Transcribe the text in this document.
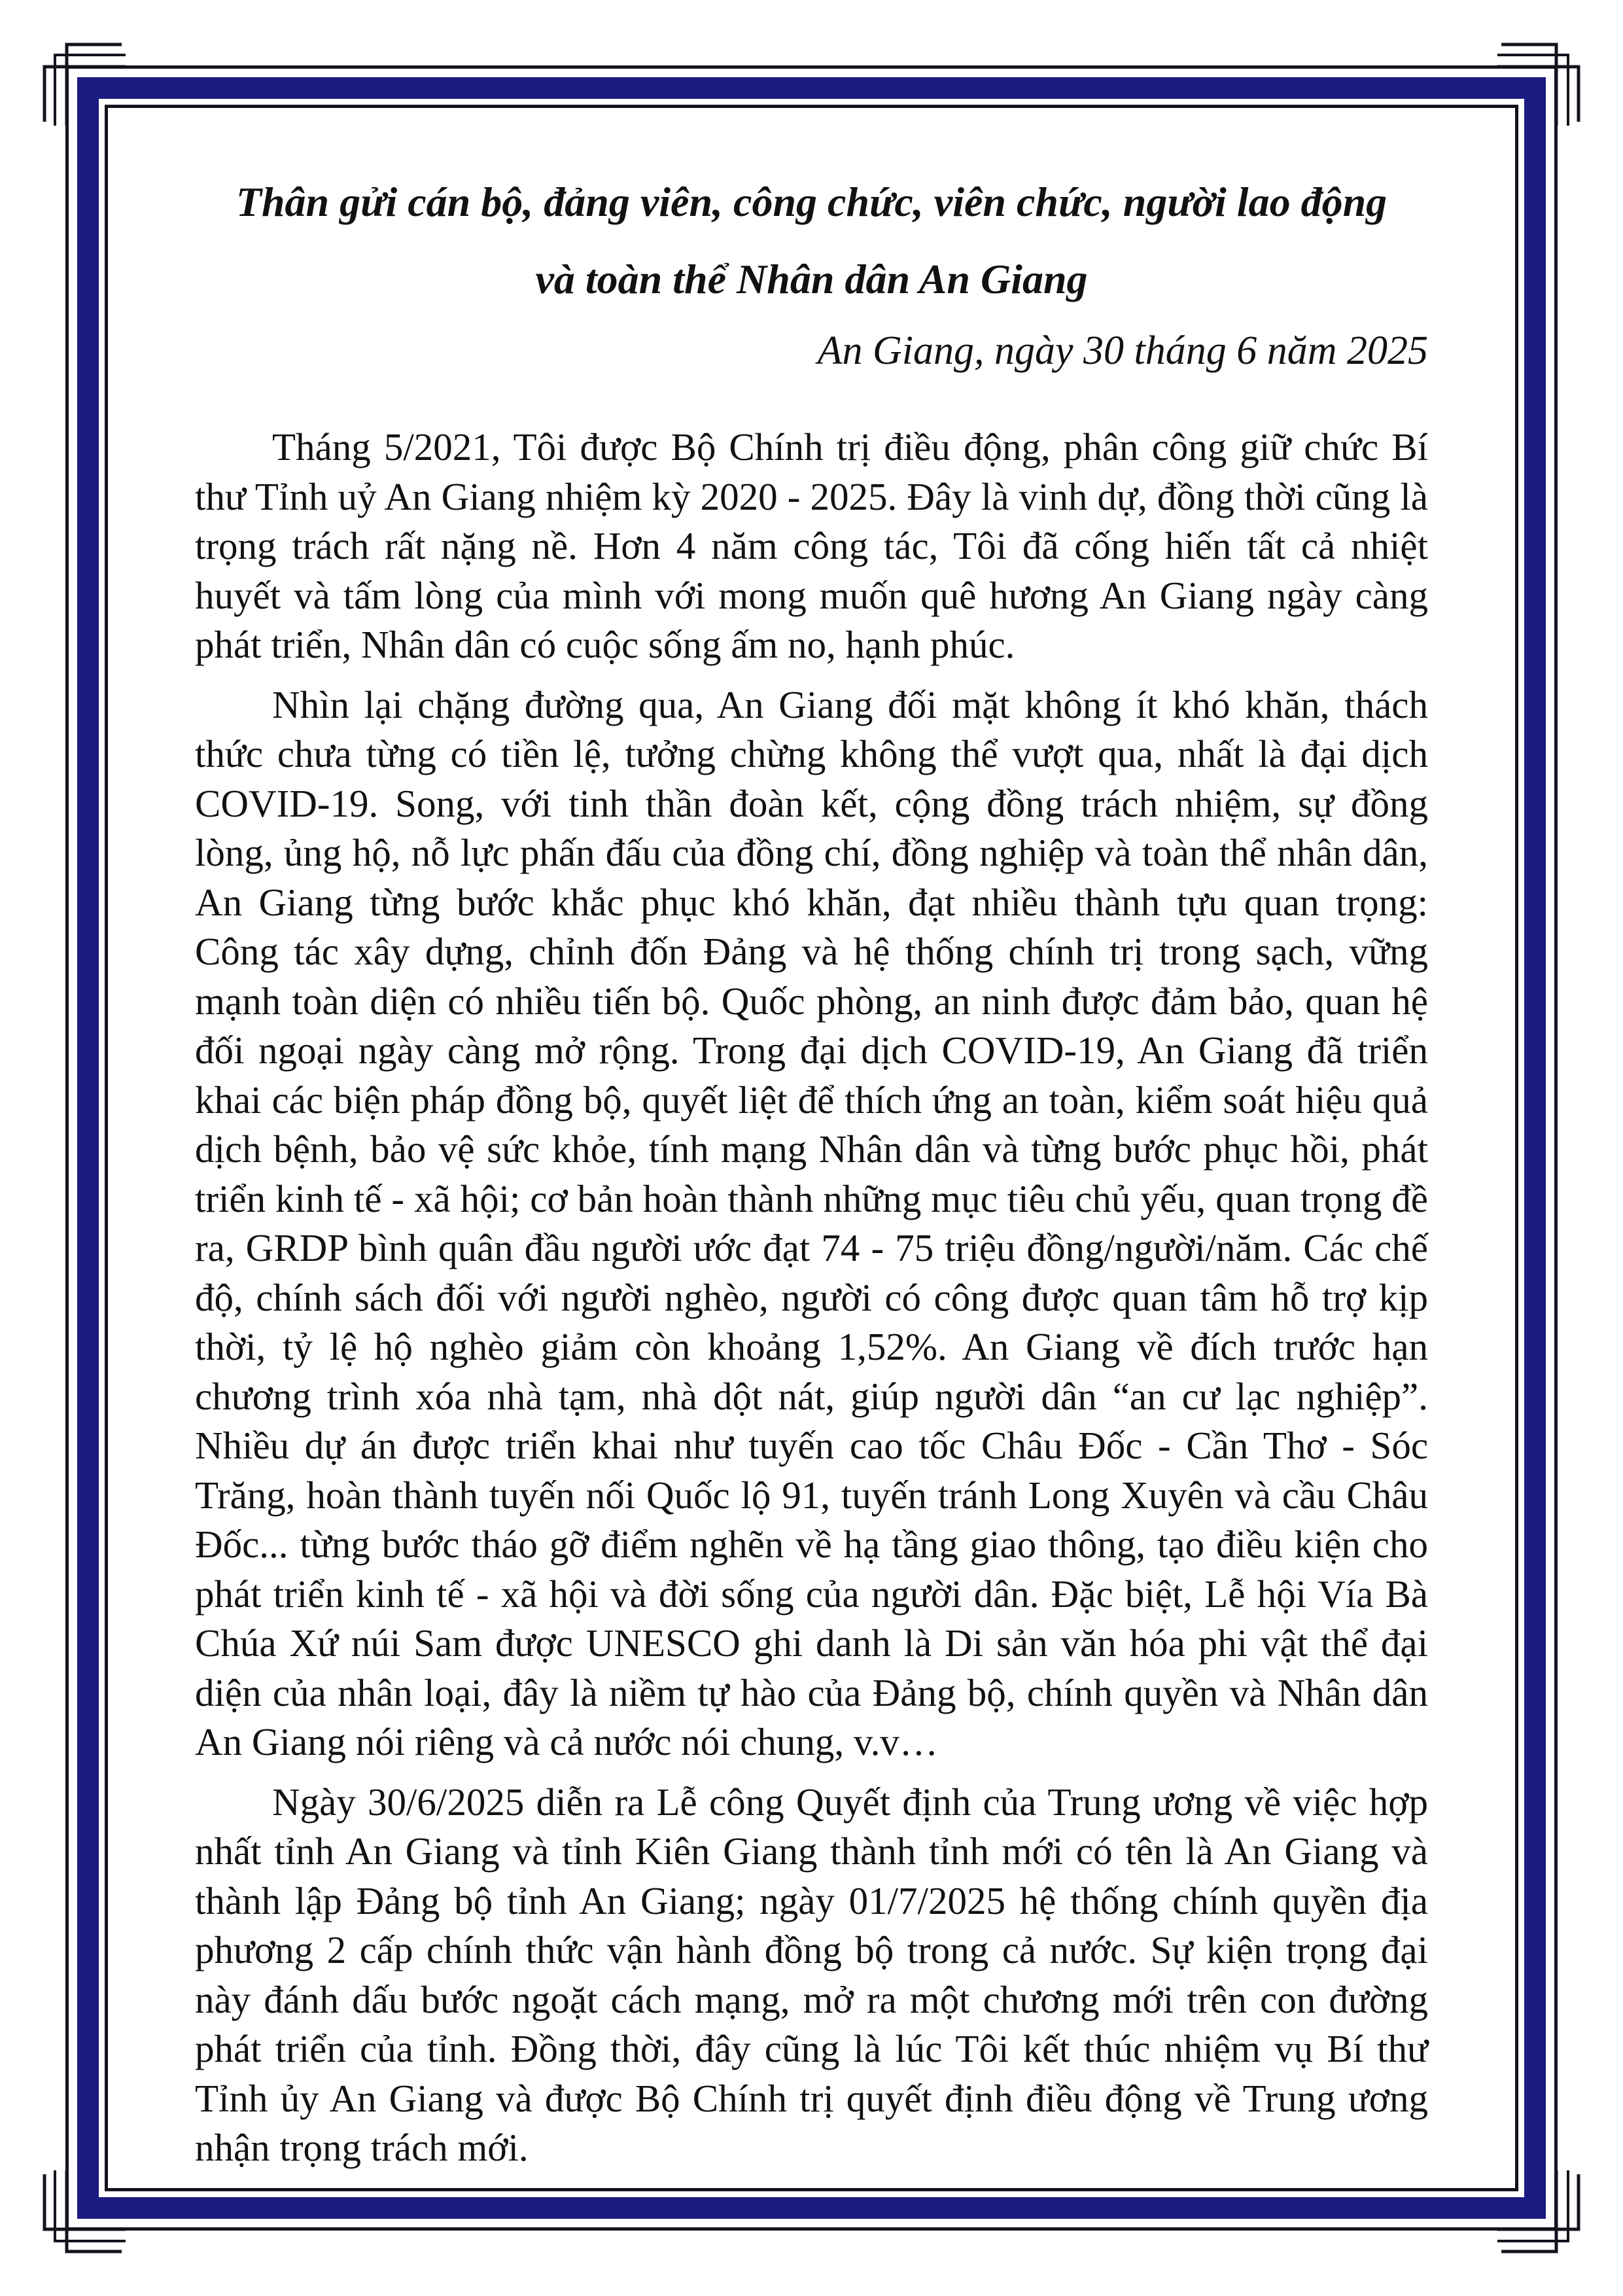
Thân gửi cán bộ, đảng viên, công chức, viên chức, người lao động

và toàn thể Nhân dân An Giang

An Giang, ngày 30 tháng 6 năm 2025

Tháng 5/2021, Tôi được Bộ Chính trị điều động, phân công giữ chức Bí thư Tỉnh uỷ An Giang nhiệm kỳ 2020 - 2025. Đây là vinh dự, đồng thời cũng là trọng trách rất nặng nề. Hơn 4 năm công tác, Tôi đã cống hiến tất cả nhiệt huyết và tấm lòng của mình với mong muốn quê hương An Giang ngày càng phát triển, Nhân dân có cuộc sống ấm no, hạnh phúc.

Nhìn lại chặng đường qua, An Giang đối mặt không ít khó khăn, thách thức chưa từng có tiền lệ, tưởng chừng không thể vượt qua, nhất là đại dịch COVID-19. Song, với tinh thần đoàn kết, cộng đồng trách nhiệm, sự đồng lòng, ủng hộ, nỗ lực phấn đấu của đồng chí, đồng nghiệp và toàn thể nhân dân, An Giang từng bước khắc phục khó khăn, đạt nhiều thành tựu quan trọng: Công tác xây dựng, chỉnh đốn Đảng và hệ thống chính trị trong sạch, vững mạnh toàn diện có nhiều tiến bộ. Quốc phòng, an ninh được đảm bảo, quan hệ đối ngoại ngày càng mở rộng. Trong đại dịch COVID-19, An Giang đã triển khai các biện pháp đồng bộ, quyết liệt để thích ứng an toàn, kiểm soát hiệu quả dịch bệnh, bảo vệ sức khỏe, tính mạng Nhân dân và từng bước phục hồi, phát triển kinh tế - xã hội; cơ bản hoàn thành những mục tiêu chủ yếu, quan trọng đề ra, GRDP bình quân đầu người ước đạt 74 - 75 triệu đồng/người/năm. Các chế độ, chính sách đối với người nghèo, người có công được quan tâm hỗ trợ kịp thời, tỷ lệ hộ nghèo giảm còn khoảng 1,52%. An Giang về đích trước hạn chương trình xóa nhà tạm, nhà dột nát, giúp người dân “an cư lạc nghiệp”. Nhiều dự án được triển khai như tuyến cao tốc Châu Đốc - Cần Thơ - Sóc Trăng, hoàn thành tuyến nối Quốc lộ 91, tuyến tránh Long Xuyên và cầu Châu Đốc... từng bước tháo gỡ điểm nghẽn về hạ tầng giao thông, tạo điều kiện cho phát triển kinh tế - xã hội và đời sống của người dân. Đặc biệt, Lễ hội Vía Bà Chúa Xứ núi Sam được UNESCO ghi danh là Di sản văn hóa phi vật thể đại diện của nhân loại, đây là niềm tự hào của Đảng bộ, chính quyền và Nhân dân An Giang nói riêng và cả nước nói chung, v.v…

Ngày 30/6/2025 diễn ra Lễ công Quyết định của Trung ương về việc hợp nhất tỉnh An Giang và tỉnh Kiên Giang thành tỉnh mới có tên là An Giang và thành lập Đảng bộ tỉnh An Giang; ngày 01/7/2025 hệ thống chính quyền địa phương 2 cấp chính thức vận hành đồng bộ trong cả nước. Sự kiện trọng đại này đánh dấu bước ngoặt cách mạng, mở ra một chương mới trên con đường phát triển của tỉnh. Đồng thời, đây cũng là lúc Tôi kết thúc nhiệm vụ Bí thư Tỉnh ủy An Giang và được Bộ Chính trị quyết định điều động về Trung ương nhận trọng trách mới.
